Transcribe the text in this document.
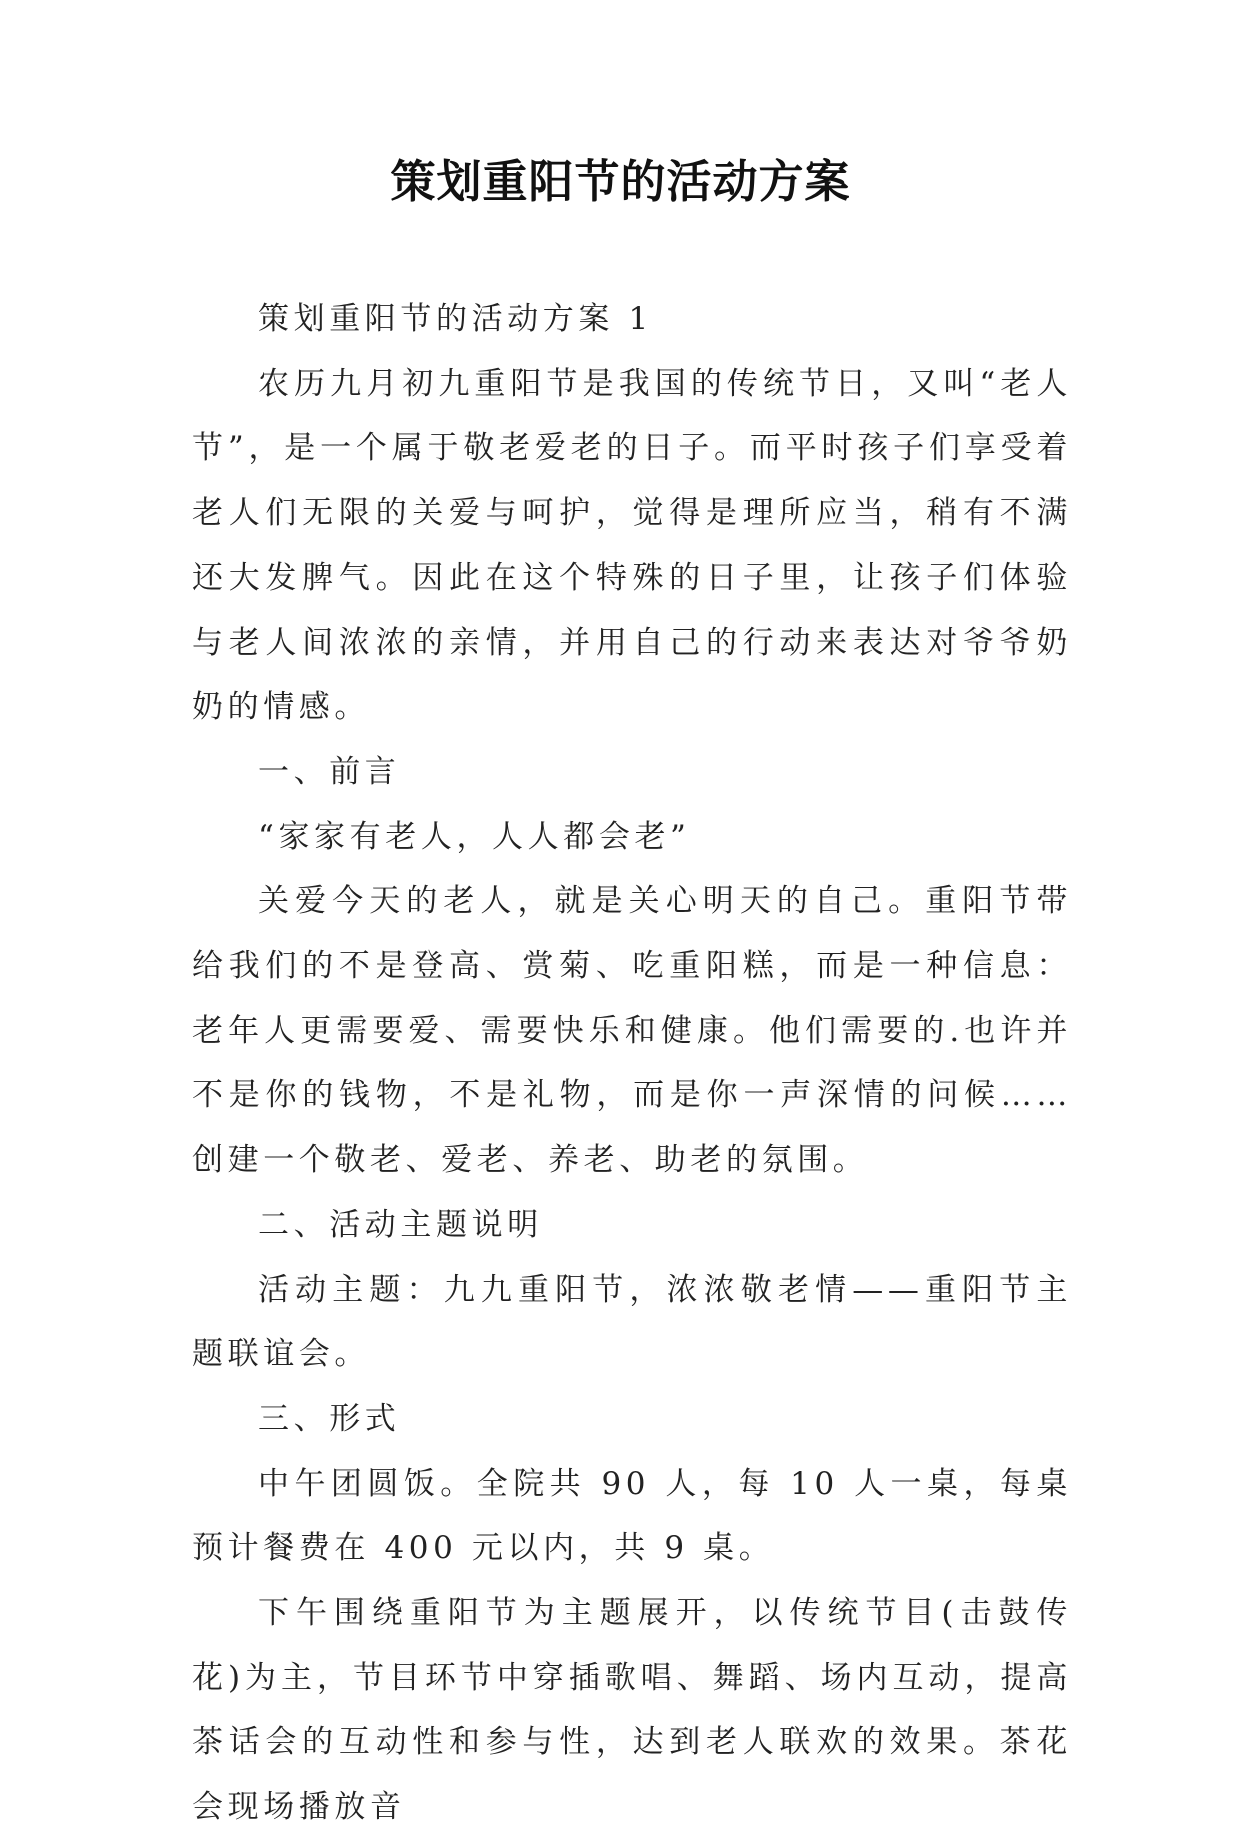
策划重阳节的活动方案

策划重阳节的活动方案 1

农历九月初九重阳节是我国的传统节日，又叫“老人节”，是一个属于敬老爱老的日子。而平时孩子们享受着老人们无限的关爱与呵护，觉得是理所应当，稍有不满还大发脾气。因此在这个特殊的日子里，让孩子们体验与老人间浓浓的亲情，并用自己的行动来表达对爷爷奶奶的情感。

一、前言

“家家有老人，人人都会老”

关爱今天的老人，就是关心明天的自己。重阳节带给我们的不是登高、赏菊、吃重阳糕，而是一种信息：老年人更需要爱、需要快乐和健康。他们需要的.也许并不是你的钱物，不是礼物，而是你一声深情的问候……创建一个敬老、爱老、养老、助老的氛围。

二、活动主题说明

活动主题：九九重阳节，浓浓敬老情——重阳节主题联谊会。

三、形式

中午团圆饭。全院共 90 人，每 10 人一桌，每桌预计餐费在 400 元以内，共 9 桌。

下午围绕重阳节为主题展开，以传统节目(击鼓传花)为主，节目环节中穿插歌唱、舞蹈、场内互动，提高茶话会的互动性和参与性，达到老人联欢的效果。茶花会现场播放音
